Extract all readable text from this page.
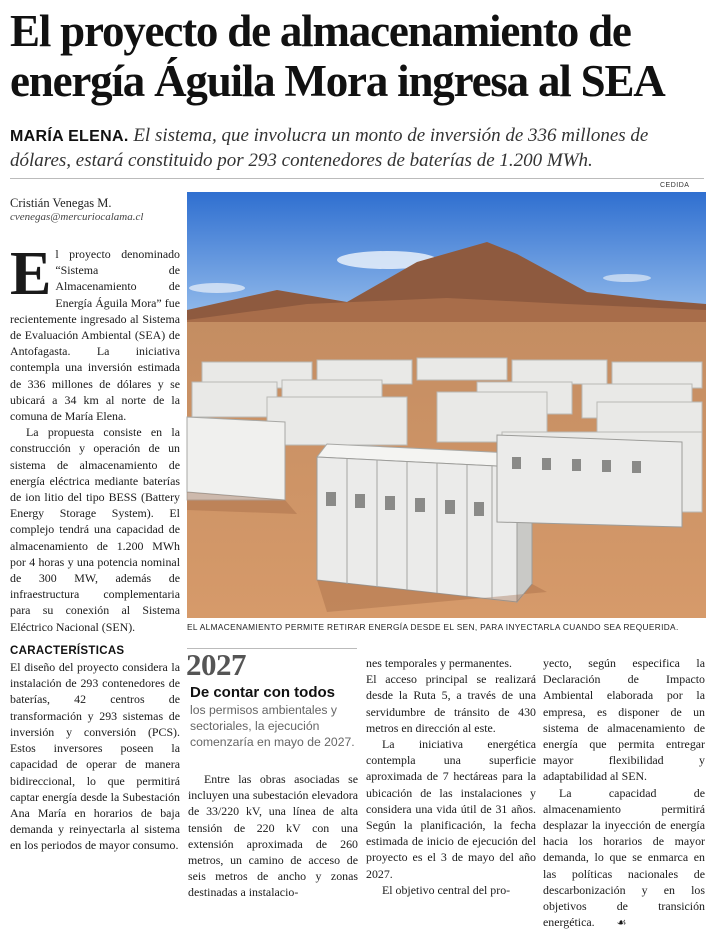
El proyecto de almacenamiento de energía Águila Mora ingresa al SEA
MARÍA ELENA. El sistema, que involucra un monto de inversión de 336 millones de dólares, estará constituido por 293 contenedores de baterías de 1.200 MWh.
Cristián Venegas M.
cvenegas@mercuriocalama.cl
CEDIDA
EL ALMACENAMIENTO PERMITE RETIRAR ENERGÍA DESDE EL SEN, PARA INYECTARLA CUANDO SEA REQUERIDA.
E l proyecto denominado “Sistema de Almacenamiento de Energía Águila Mora” fue recientemente ingresado al Sistema de Evaluación Ambiental (SEA) de Antofagasta. La iniciativa contempla una inversión estimada de 336 millones de dólares y se ubicará a 34 km al norte de la comuna de María Elena.

La propuesta consiste en la construcción y operación de un sistema de almacenamiento de energía eléctrica mediante baterías de ion litio del tipo BESS (Battery Energy Storage System). El complejo tendrá una capacidad de almacenamiento de 1.200 MWh por 4 horas y una potencia nominal de 300 MW, además de infraestructura complementaria para su conexión al Sistema Eléctrico Nacional (SEN).

CARACTERÍSTICAS

El diseño del proyecto considera la instalación de 293 contenedores de baterías, 42 centros de transformación y 293 sistemas de inversión y conversión (PCS). Estos inversores poseen la capacidad de operar de manera bidireccional, lo que permitirá captar energía desde la Subestación Ana María en horarios de baja demanda y reinyectarla al sistema en los periodos de mayor consumo.

2027
De contar con todos
los permisos ambientales y sectoriales, la ejecución comenzaría en mayo de 2027.

Entre las obras asociadas se incluyen una subestación elevadora de 33/220 kV, una línea de alta tensión de 220 kV con una extensión aproximada de 260 metros, un camino de acceso de seis metros de ancho y zonas destinadas a instalacio-

nes temporales y permanentes.

El acceso principal se realizará desde la Ruta 5, a través de una servidumbre de tránsito de 430 metros en dirección al este.

La iniciativa energética contempla una superficie aproximada de 7 hectáreas para la ubicación de las instalaciones y considera una vida útil de 31 años. Según la planificación, la fecha estimada de inicio de ejecución del proyecto es el 3 de mayo del año 2027.

El objetivo central del pro-

yecto, según especifica la Declaración de Impacto Ambiental elaborada por la empresa, es disponer de un sistema de almacenamiento de energía que permita entregar mayor flexibilidad y adaptabilidad al SEN.

La capacidad de almacenamiento permitirá desplazar la inyección de energía hacia los horarios de mayor demanda, lo que se enmarca en las políticas nacionales de descarbonización y en los objetivos de transición energética. ☙
